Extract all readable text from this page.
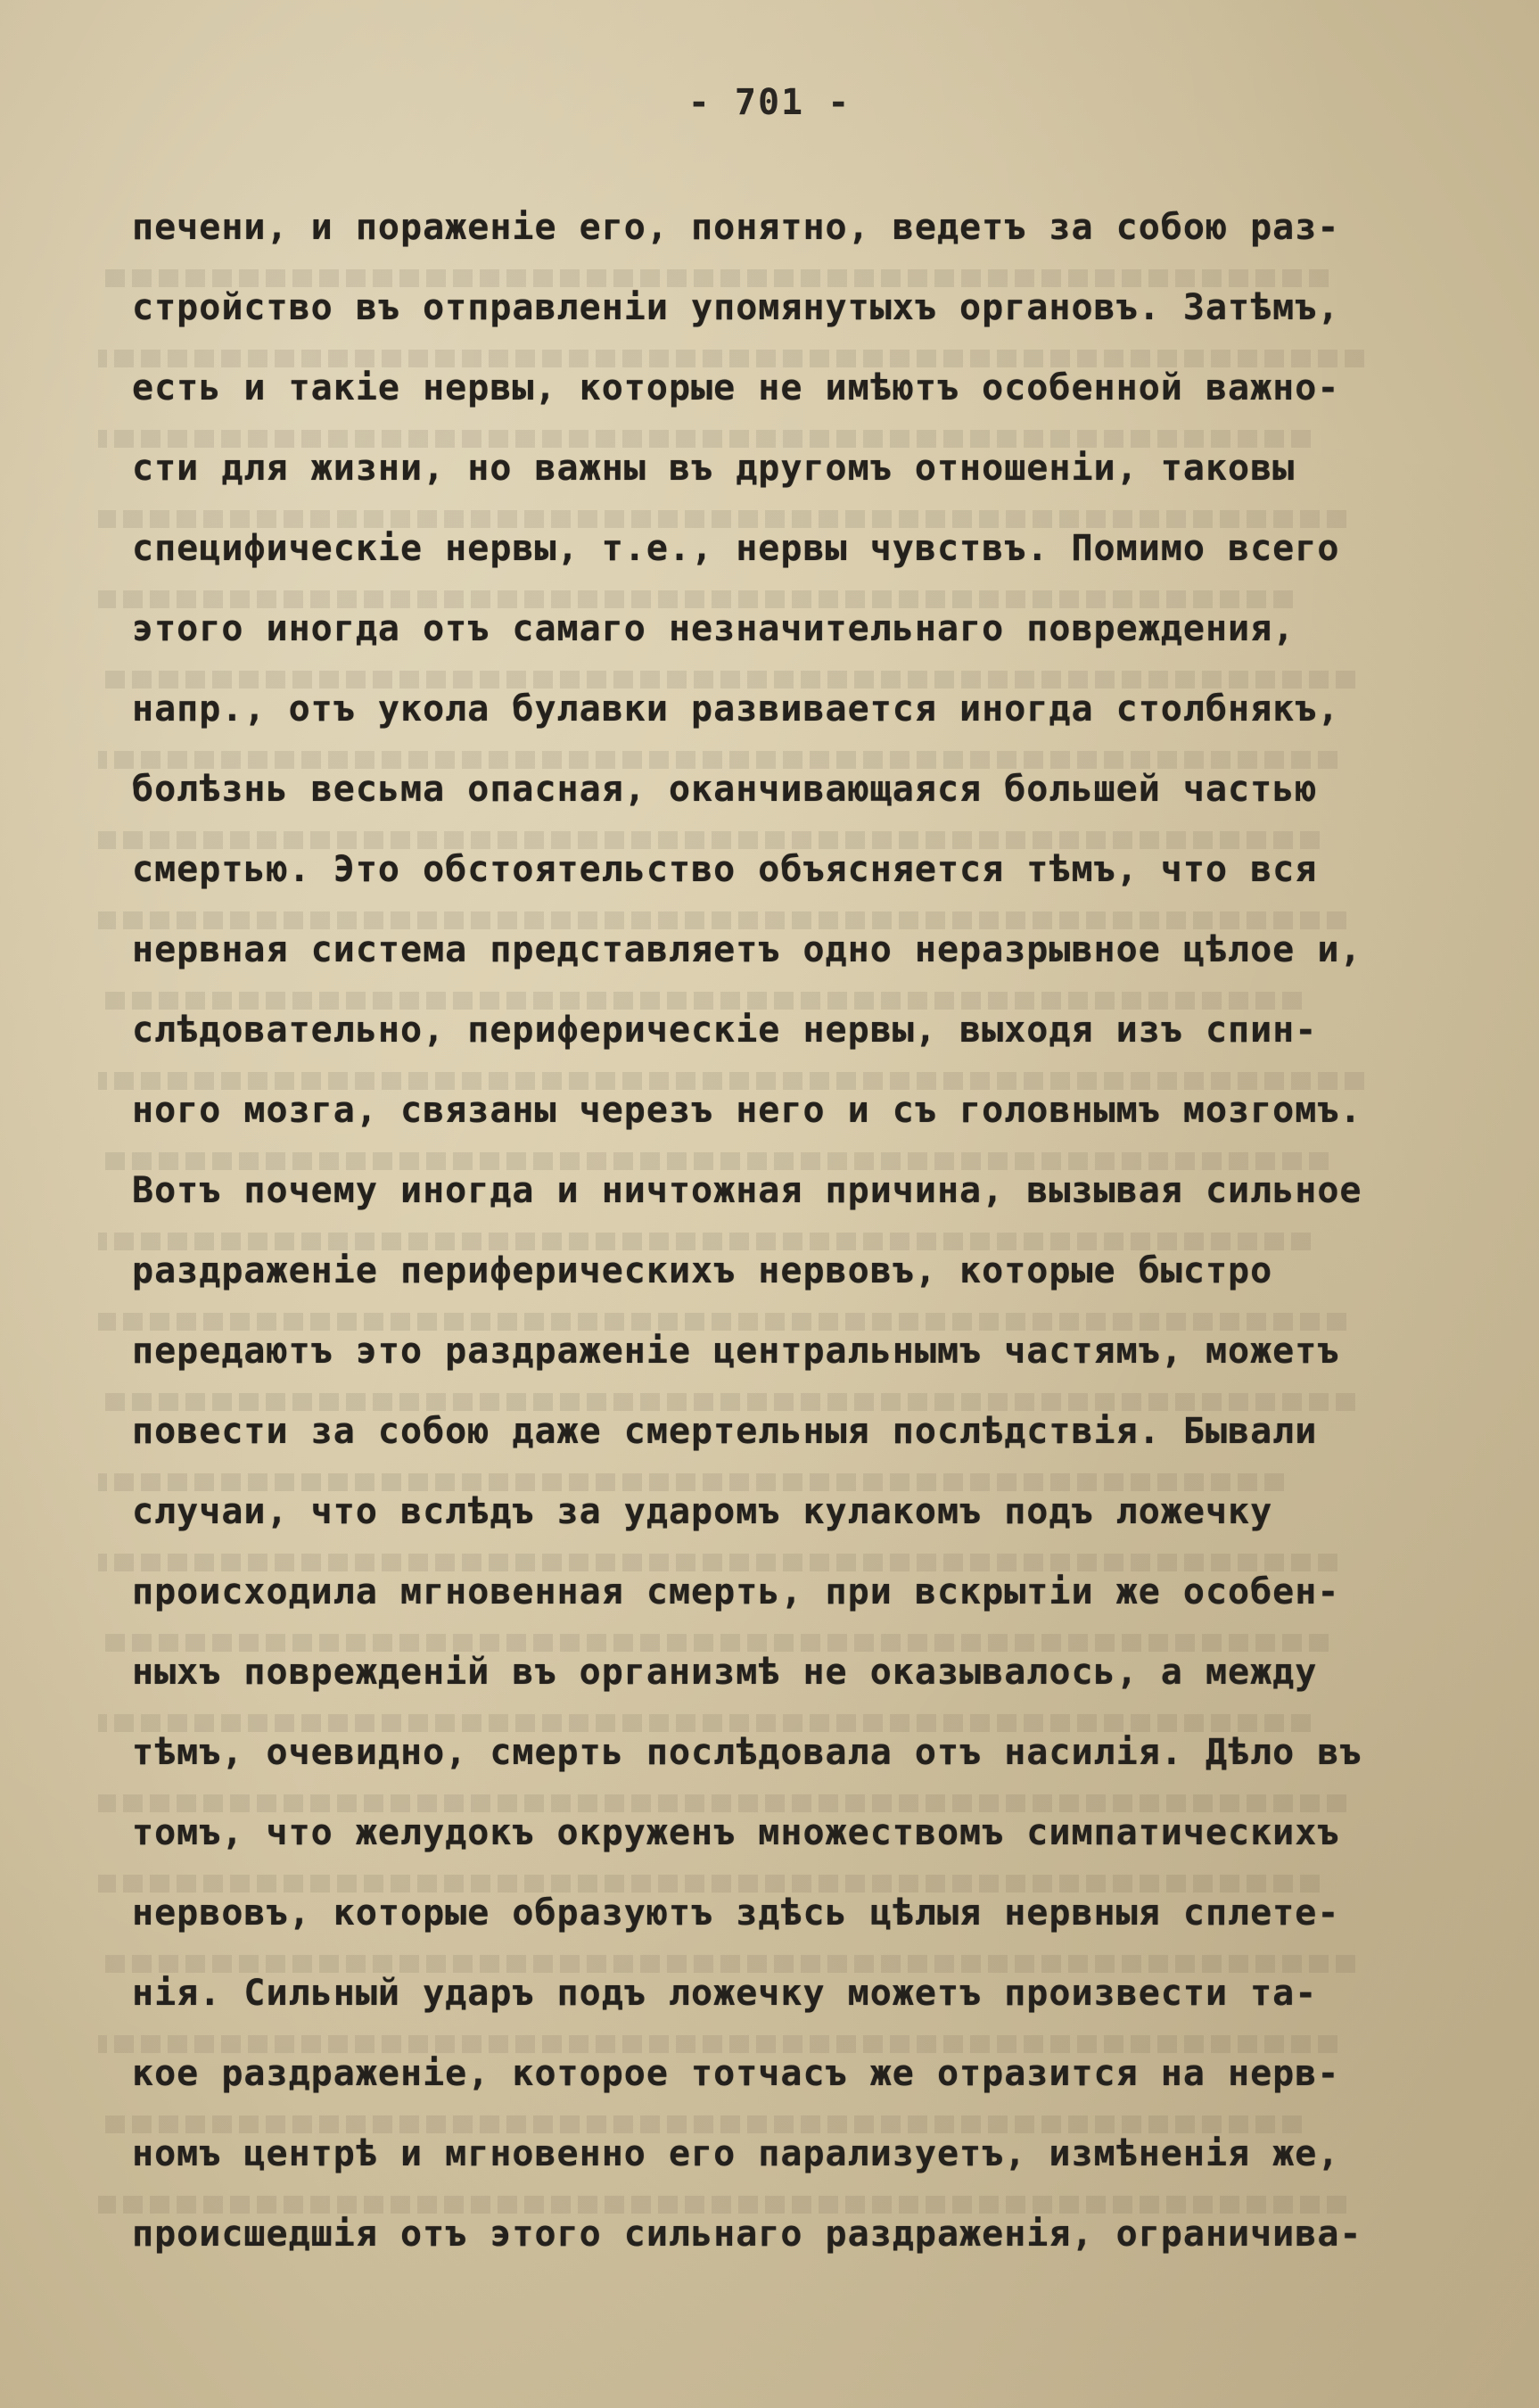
- 701 -
печени, и пораженіе его, понятно, ведетъ за собою раз-
стройство въ отправленіи упомянутыхъ органовъ. Затѣмъ,
есть и такіе нервы, которые не имѣютъ особенной важно-
сти для жизни, но важны въ другомъ отношеніи, таковы
специфическіе нервы, т.е., нервы чувствъ. Помимо всего
этого иногда отъ самаго незначительнаго повреждения,
напр., отъ укола булавки развивается иногда столбнякъ,
болѣзнь весьма опасная, оканчивающаяся большей частью
смертью. Это обстоятельство объясняется тѣмъ, что вся
нервная система представляетъ одно неразрывное цѣлое и,
слѣдовательно, периферическіе нервы, выходя изъ спин-
ного мозга, связаны черезъ него и съ головнымъ мозгомъ.
Вотъ почему иногда и ничтожная причина, вызывая сильное
раздраженіе периферическихъ нервовъ, которые быстро
передаютъ это раздраженіе центральнымъ частямъ, можетъ
повести за собою даже смертельныя послѣдствія. Бывали
случаи, что вслѣдъ за ударомъ кулакомъ подъ ложечку
происходила мгновенная смерть, при вскрытіи же особен-
ныхъ поврежденій въ организмѣ не оказывалось, а между
тѣмъ, очевидно, смерть послѣдовала отъ насилія. Дѣло въ
томъ, что желудокъ окруженъ множествомъ симпатическихъ
нервовъ, которые образуютъ здѣсь цѣлыя нервныя сплете-
нія. Сильный ударъ подъ ложечку можетъ произвести та-
кое раздраженіе, которое тотчасъ же отразится на нерв-
номъ центрѣ и мгновенно его парализуетъ, измѣненія же,
происшедшія отъ этого сильнаго раздраженія, ограничива-
